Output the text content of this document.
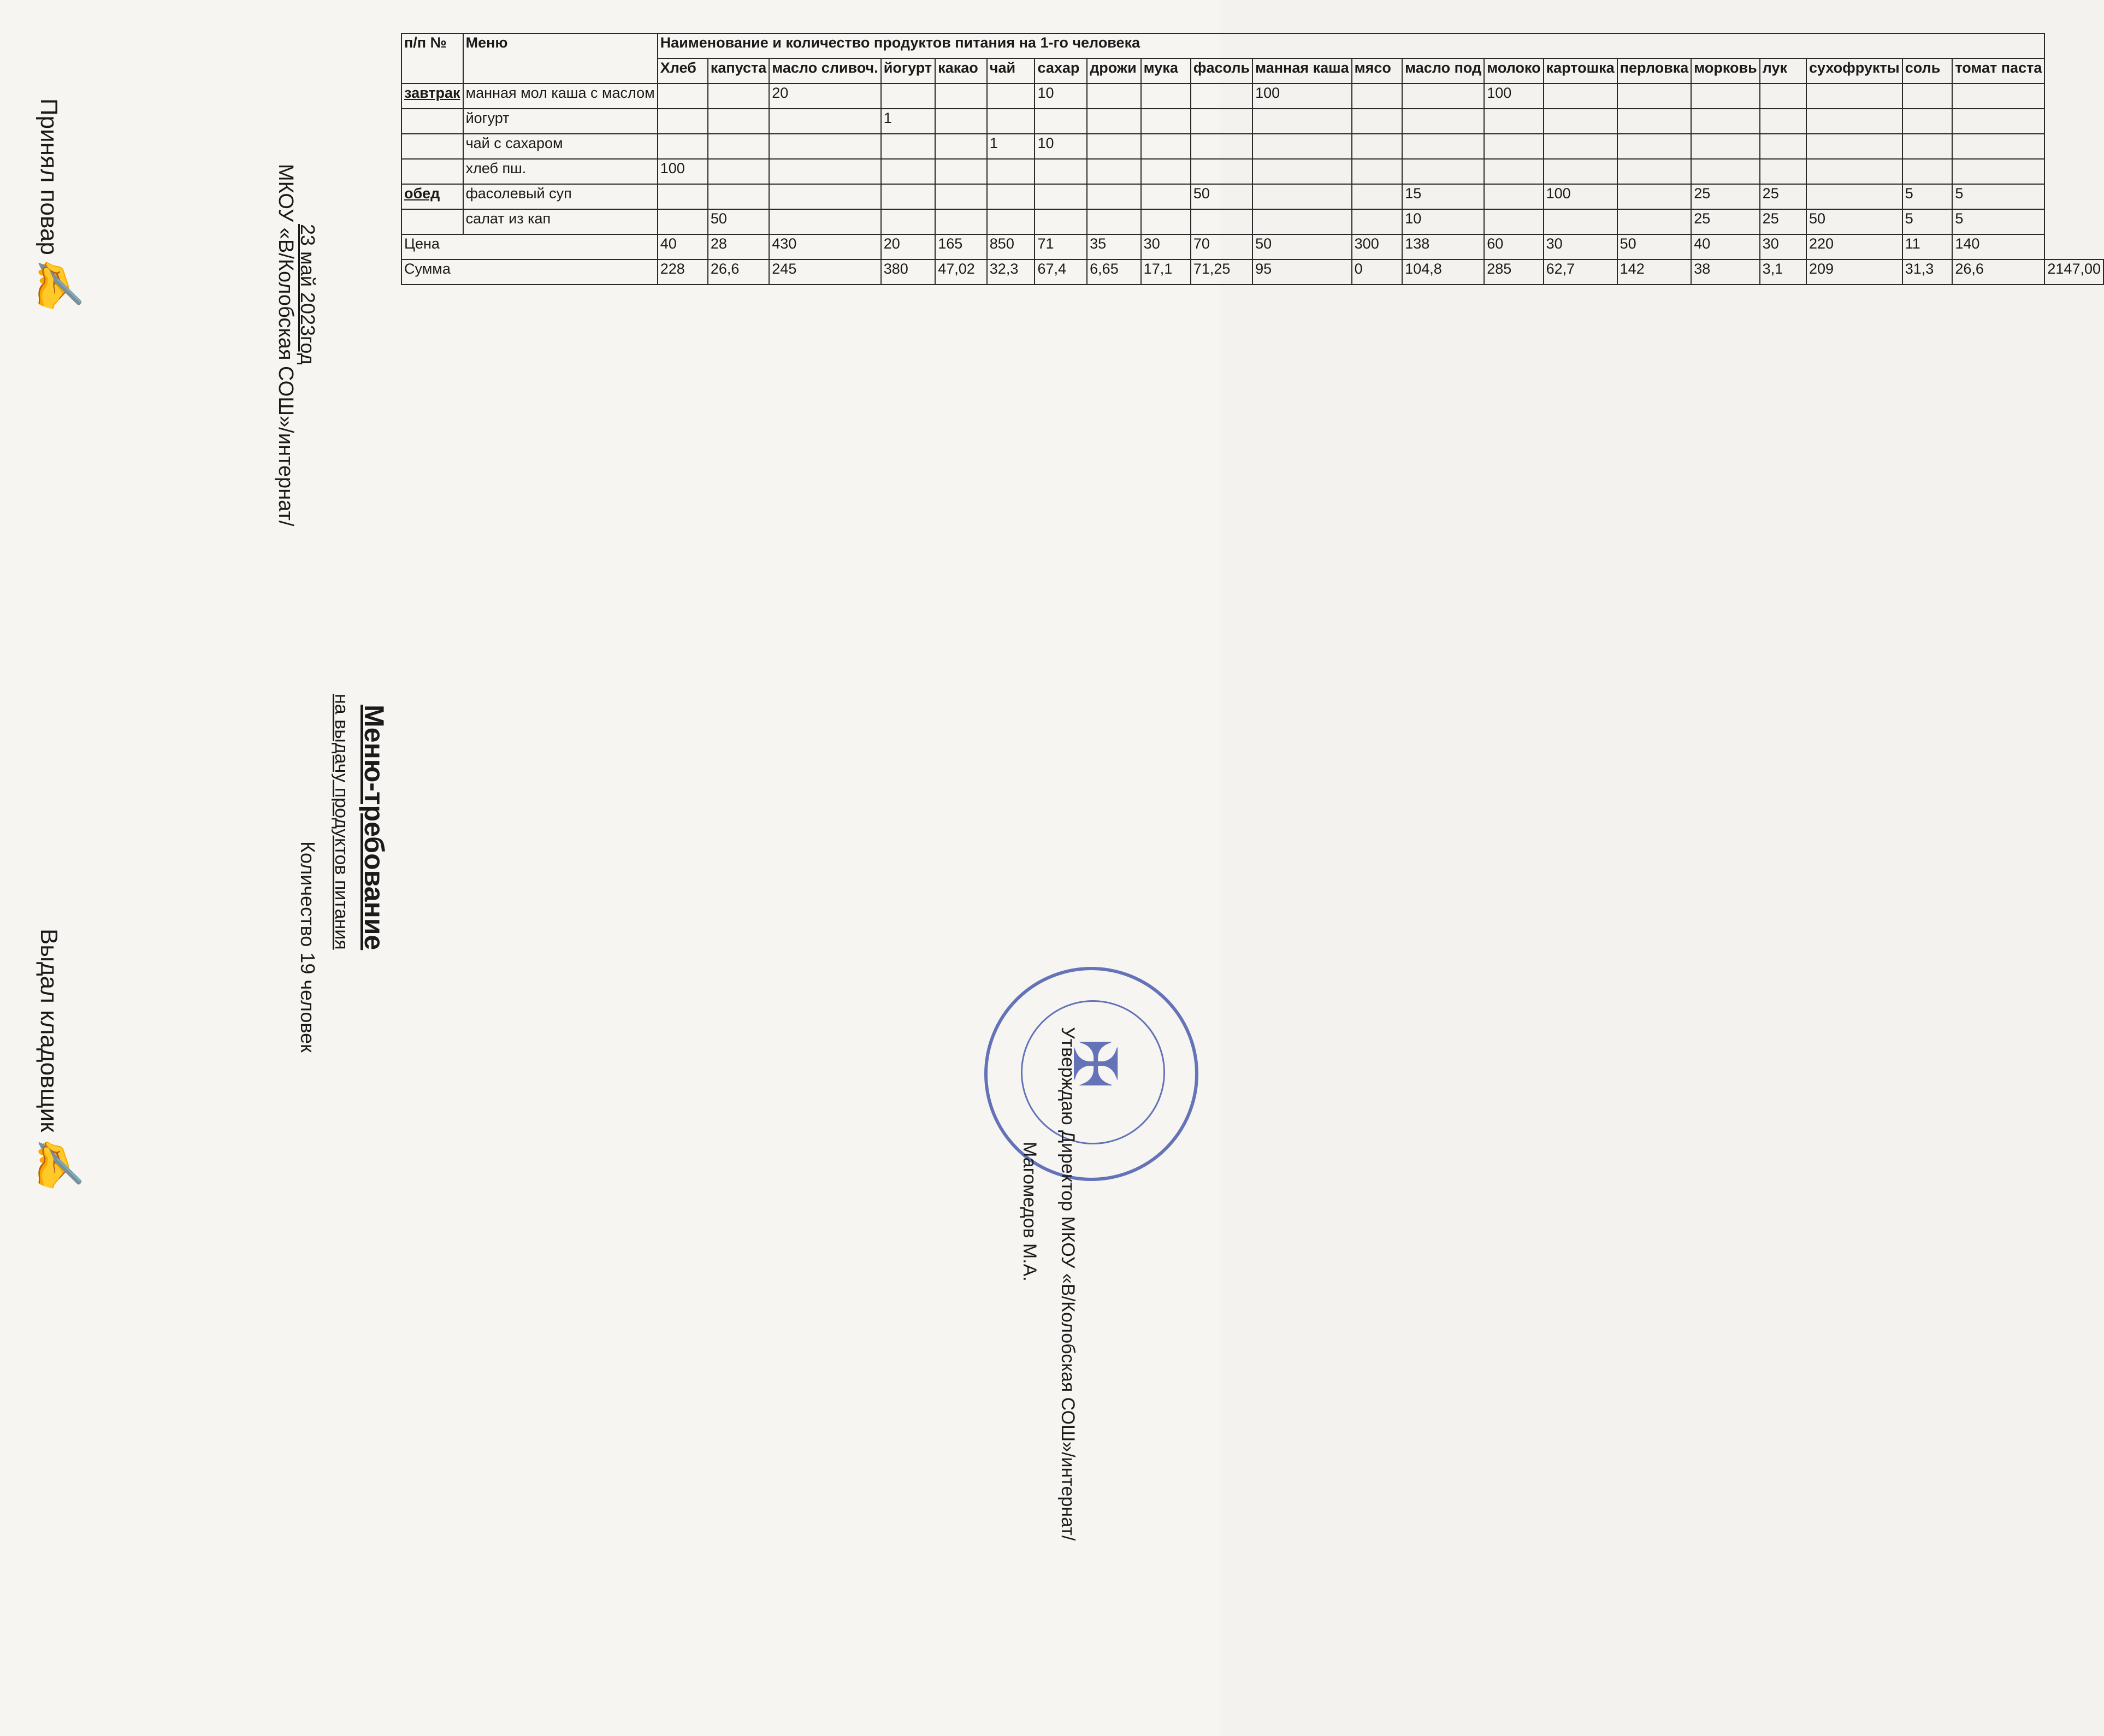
МКОУ «В/Колобская СОШ»/интернат/
Меню-требование
на выдачу продуктов питания
23 май 2023год
Количество 19 человек
✠
Утверждаю Директор МКОУ «В/Колобская СОШ»/интернат/
Магомедов М.А.
п/п №	Меню	Наименование и количество продуктов питания на 1-го человека																					
		Хлеб	капуста	масло сливоч.	йогурт	какао	чай	сахар	дрожи	мука	фасоль	манная каша	мясо	масло под	молоко	картошка	перловка	морковь	лук	сухофрукты	соль	томат паста	
завтрак	манная мол каша с маслом			20				10				100			100								
	йогурт				1																		
	чай с сахаром						1	10															
	хлеб пш.	100																					
обед	фасолевый суп										50			15		100		25	25		5	5	
	салат из кап		50											10				25	25	50	5	5	
Цена		40	28	430	20	165	850	71	35	30	70	50	300	138	60	30	50	40	30	220	11	140	
Сумма		228	26,6	245	380	47,02	32,3	67,4	6,65	17,1	71,25	95	0	104,8	285	62,7	142	38	3,1	209	31,3	26,6	2147,00
Принял повар
✍
Выдал кладовщик
✍
